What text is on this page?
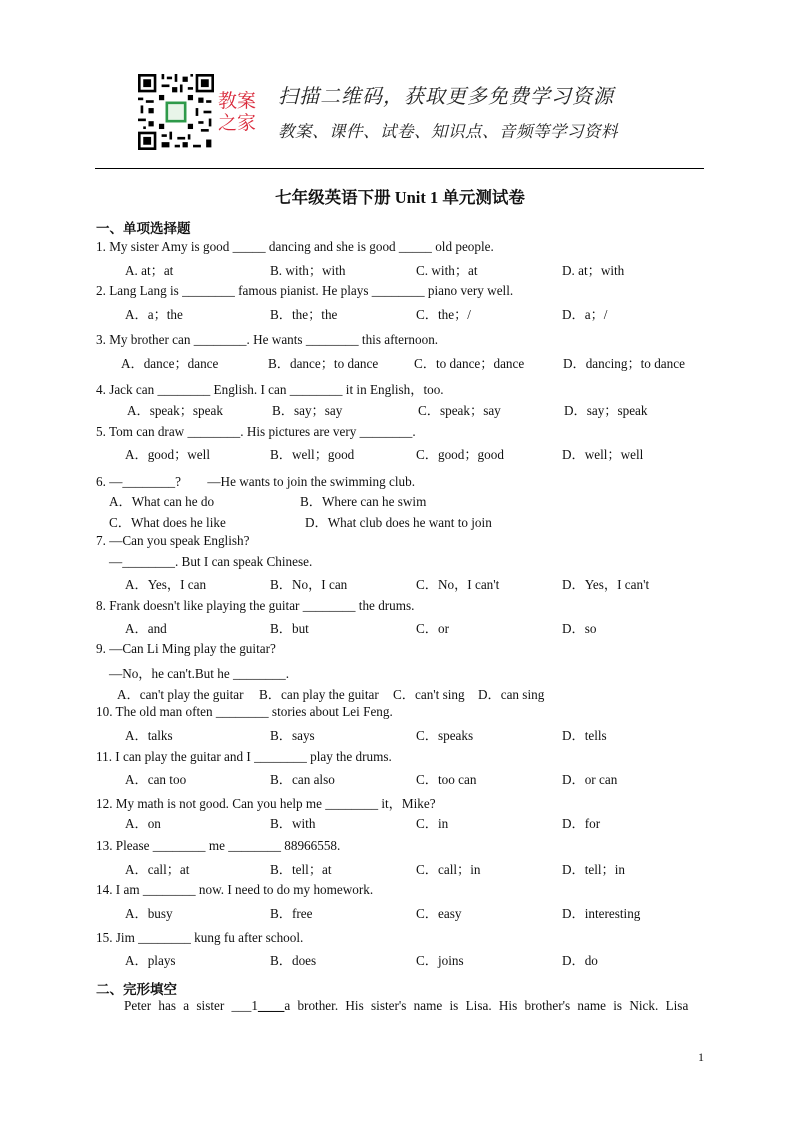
教案
之家
扫描二维码，获取更多免费学习资源
教案、课件、试卷、知识点、音频等学习资料
七年级英语下册 Unit 1 单元测试卷
一、单项选择题
1. My sister Amy is good _____ dancing and she is good _____ old people.
A. at；at	B. with；with	C. with；at	D. at；with
2. Lang Lang is ________ famous pianist. He plays ________ piano very well.
A．a；the	B．the；the	C．the；/	D．a；/
3. My brother can ________. He wants ________ this afternoon.
A．dance；dance	B．dance；to dance	C．to dance；dance	D．dancing；to dance
4. Jack can ________ English. I can ________ it in English，too.
A．speak；speak	B．say；say	C．speak；say	D．say；speak
5. Tom can draw ________. His pictures are very ________.
A．good；well	B．well；good	C．good；good	D．well；well
6. —________?　　—He wants to join the swimming club.
A．What can he do	B．Where can he swim
C．What does he like	D．What club does he want to join
7. —Can you speak English?
—________. But I can speak Chinese.
A．Yes，I can	B．No，I can	C．No，I can't	D．Yes，I can't
8. Frank doesn't like playing the guitar ________ the drums.
A．and	B．but	C．or	D．so
9. —Can Li Ming play the guitar?
—No，he can't.But he ________.
A．can't play the guitar B．can play the guitar C．can't sing D．can sing
10. The old man often ________ stories about Lei Feng.
A．talks	B．says	C．speaks	D．tells
11. I can play the guitar and I ________ play the drums.
A．can too	B．can also	C．too can	D．or can
12. My math is not good. Can you help me ________ it，Mike?
A．on	B．with	C．in	D．for
13. Please ________ me ________ 88966558.
A．call；at	B．tell；at	C．call；in	D．tell；in
14. I am ________ now. I need to do my homework.
A．busy	B．free	C．easy	D．interesting
15. Jim ________ kung fu after school.
A．plays	B．does	C．joins	D．do
二、完形填空
Peter has a sister ___1____a brother. His sister's name is Lisa. His brother's name is Nick. Lisa
1
